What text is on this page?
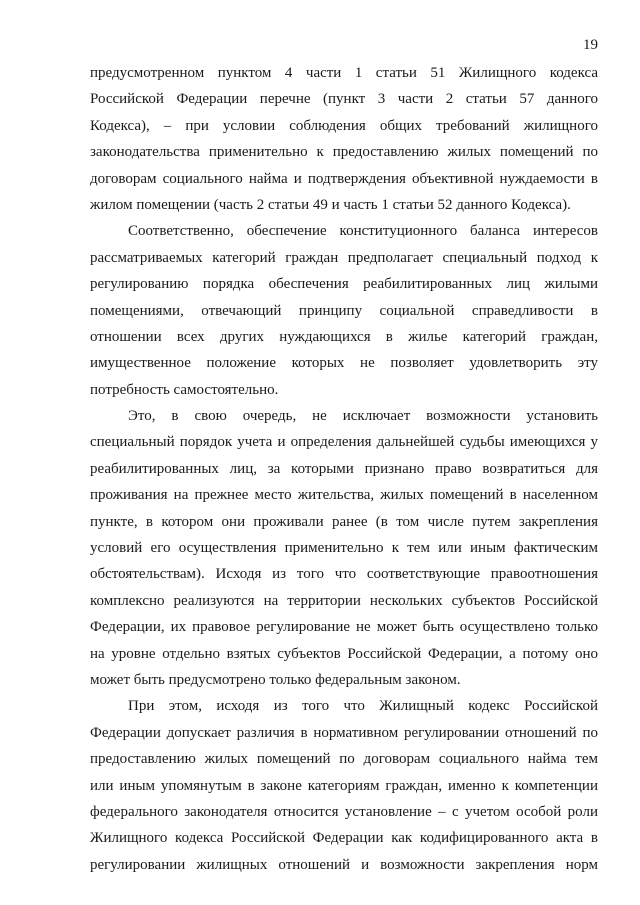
19
предусмотренном пунктом 4 части 1 статьи 51 Жилищного кодекса
Российской Федерации перечне (пункт 3 части 2 статьи 57 данного
Кодекса), – при условии соблюдения общих требований жилищного
законодательства применительно к предоставлению жилых помещений по
договорам социального найма и подтверждения объективной нуждаемости в
жилом помещении (часть 2 статьи 49 и часть 1 статьи 52 данного Кодекса).
Соответственно, обеспечение конституционного баланса интересов
рассматриваемых категорий граждан предполагает специальный подход к
регулированию порядка обеспечения реабилитированных лиц жилыми
помещениями, отвечающий принципу социальной справедливости в
отношении всех других нуждающихся в жилье категорий граждан,
имущественное положение которых не позволяет удовлетворить эту
потребность самостоятельно.
Это, в свою очередь, не исключает возможности установить
специальный порядок учета и определения дальнейшей судьбы имеющихся у
реабилитированных лиц, за которыми признано право возвратиться для
проживания на прежнее место жительства, жилых помещений в населенном
пункте, в котором они проживали ранее (в том числе путем закрепления
условий его осуществления применительно к тем или иным фактическим
обстоятельствам). Исходя из того что соответствующие правоотношения
комплексно реализуются на территории нескольких субъектов Российской
Федерации, их правовое регулирование не может быть осуществлено только
на уровне отдельно взятых субъектов Российской Федерации, а потому оно
может быть предусмотрено только федеральным законом.
При этом, исходя из того что Жилищный кодекс Российской
Федерации допускает различия в нормативном регулировании отношений по
предоставлению жилых помещений по договорам социального найма тем
или иным упомянутым в законе категориям граждан, именно к компетенции
федерального законодателя относится установление – с учетом особой роли
Жилищного кодекса Российской Федерации как кодифицированного акта в
регулировании жилищных отношений и возможности закрепления норм
